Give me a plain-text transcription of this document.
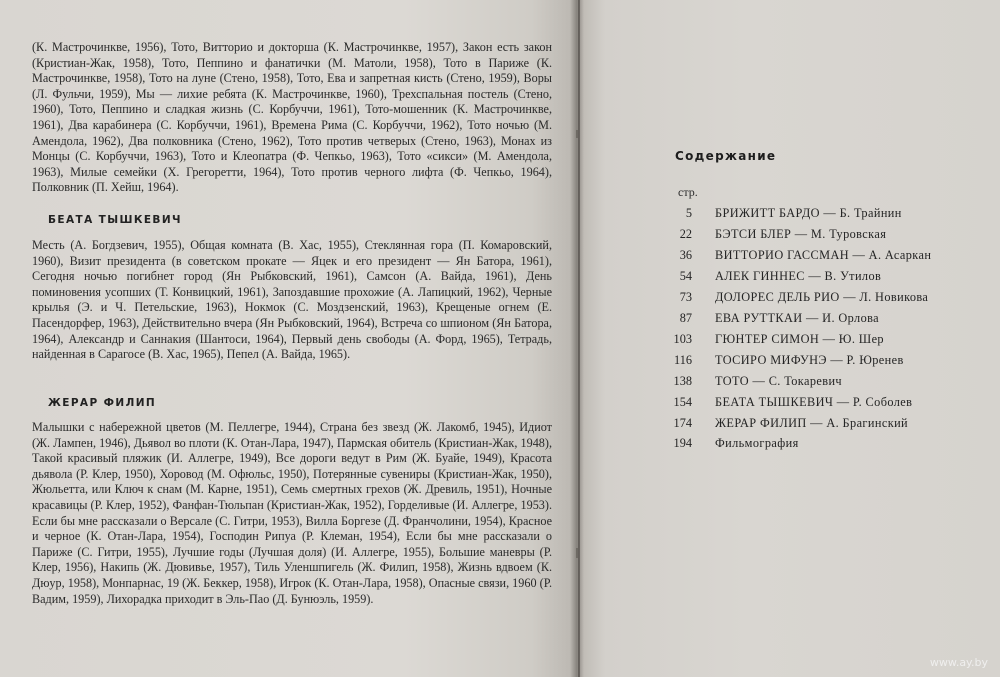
(К. Мастрочинкве, 1956), Тото, Витторио и докторша (К. Мастрочинкве, 1957), Закон есть закон (Кристиан-Жак, 1958), Тото, Пеппино и фанатички (М. Матоли, 1958), Тото в Париже (К. Мастрочинкве, 1958), Тото на луне (Стено, 1958), Тото, Ева и запретная кисть (Стено, 1959), Воры (Л. Фульчи, 1959), Мы — лихие ребята (К. Мастрочинкве, 1960), Трехспальная постель (Стено, 1960), Тото, Пеппино и сладкая жизнь (С. Корбуччи, 1961), Тото-мошенник (К. Мастрочинкве, 1961), Два карабинера (С. Корбуччи, 1961), Времена Рима (С. Корбуччи, 1962), Тото ночью (М. Амендола, 1962), Два полковника (Стено, 1962), Тото против четверых (Стено, 1963), Монах из Монцы (С. Корбуччи, 1963), Тото и Клеопатра (Ф. Чепкьо, 1963), Тото «сикси» (М. Амендола, 1963), Милые семейки (Х. Грегоретти, 1964), Тото против черного лифта (Ф. Чепкьо, 1964), Полковник (П. Хейш, 1964).

БЕАТА ТЫШКЕВИЧ

Месть (А. Богдзевич, 1955), Общая комната (В. Хас, 1955), Стеклянная гора (П. Комаровский, 1960), Визит президента (в советском прокате — Яцек и его президент — Ян Батора, 1961), Сегодня ночью погибнет город (Ян Рыбковский, 1961), Самсон (А. Вайда, 1961), День поминовения усопших (Т. Конвицкий, 1961), Запоздавшие прохожие (А. Лапицкий, 1962), Черные крылья (Э. и Ч. Петельские, 1963), Нокмок (С. Моздзенский, 1963), Крещеные огнем (Е. Пасендорфер, 1963), Действительно вчера (Ян Рыбковский, 1964), Встреча со шпионом (Ян Батора, 1964), Александр и Саннакия (Шантоси, 1964), Первый день свободы (А. Форд, 1965), Тетрадь, найденная в Сарагосе (В. Хас, 1965), Пепел (А. Вайда, 1965).

ЖЕРАР ФИЛИП

Малышки с набережной цветов (М. Пеллегре, 1944), Страна без звезд (Ж. Лакомб, 1945), Идиот (Ж. Лампен, 1946), Дьявол во плоти (К. Отан-Лара, 1947), Пармская обитель (Кристиан-Жак, 1948), Такой красивый пляжик (И. Аллегре, 1949), Все дороги ведут в Рим (Ж. Буайе, 1949), Красота дьявола (Р. Клер, 1950), Хоровод (М. Офюльс, 1950), Потерянные сувениры (Кристиан-Жак, 1950), Жюльетта, или Ключ к снам (М. Карне, 1951), Семь смертных грехов (Ж. Древиль, 1951), Ночные красавицы (Р. Клер, 1952), Фанфан-Тюльпан (Кристиан-Жак, 1952), Горделивые (И. Аллегре, 1953). Если бы мне рассказали о Версале (С. Гитри, 1953), Вилла Боргезе (Д. Франчолини, 1954), Красное и черное (К. Отан-Лара, 1954), Господин Рипуа (Р. Клеман, 1954), Если бы мне рассказали о Париже (С. Гитри, 1955), Лучшие годы (Лучшая доля) (И. Аллегре, 1955), Большие маневры (Р. Клер, 1956), Накипь (Ж. Дювивье, 1957), Тиль Уленшпигель (Ж. Филип, 1958), Жизнь вдвоем (К. Дюур, 1958), Монпарнас, 19 (Ж. Беккер, 1958), Игрок (К. Отан-Лара, 1958), Опасные связи, 1960 (Р. Вадим, 1959), Лихорадка приходит в Эль-Пао (Д. Бунюэль, 1959).

Содержание
стр.
5 БРИЖИТТ БАРДО — Б. Трайнин
22 БЭТСИ БЛЕР — М. Туровская
36 ВИТТОРИО ГАССМАН — А. Асаркан
54 АЛЕК ГИННЕС — В. Утилов
73 ДОЛОРЕС ДЕЛЬ РИО — Л. Новикова
87 ЕВА РУТТКАИ — И. Орлова
103 ГЮНТЕР СИМОН — Ю. Шер
116 ТОСИРО МИФУНЭ — Р. Юренев
138 ТОТО — С. Токаревич
154 БЕАТА ТЫШКЕВИЧ — Р. Соболев
174 ЖЕРАР ФИЛИП — А. Брагинский
194 Фильмография
www.ay.by
